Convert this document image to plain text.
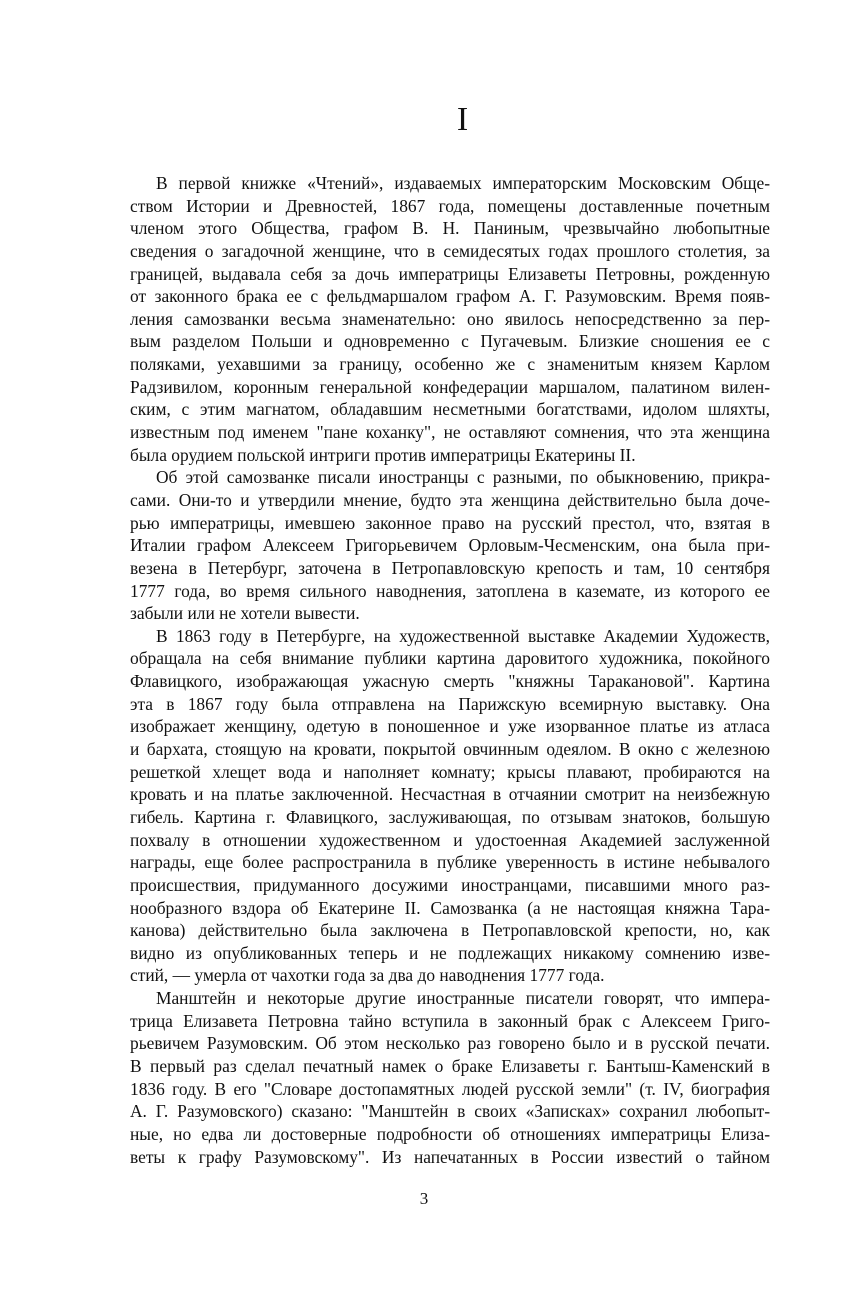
I
В первой книжке «Чтений», издаваемых императорским Московским Обще-
ством Истории и Древностей, 1867 года, помещены доставленные почетным
членом этого Общества, графом В. Н. Паниным, чрезвычайно любопытные
сведения о загадочной женщине, что в семидесятых годах прошлого столетия, за
границей, выдавала себя за дочь императрицы Елизаветы Петровны, рожденную
от законного брака ее с фельдмаршалом графом А. Г. Разумовским. Время появ-
ления самозванки весьма знаменательно: оно явилось непосредственно за пер-
вым разделом Польши и одновременно с Пугачевым. Близкие сношения ее с
поляками, уехавшими за границу, особенно же с знаменитым князем Карлом
Радзивилом, коронным генеральной конфедерации маршалом, палатином вилен-
ским, с этим магнатом, обладавшим несметными богатствами, идолом шляхты,
известным под именем "пане коханку", не оставляют сомнения, что эта женщина
была орудием польской интриги против императрицы Екатерины II.
Об этой самозванке писали иностранцы с разными, по обыкновению, прикра-
сами. Они-то и утвердили мнение, будто эта женщина действительно была доче-
рью императрицы, имевшею законное право на русский престол, что, взятая в
Италии графом Алексеем Григорьевичем Орловым-Чесменским, она была при-
везена в Петербург, заточена в Петропавловскую крепость и там, 10 сентября
1777 года, во время сильного наводнения, затоплена в каземате, из которого ее
забыли или не хотели вывести.
В 1863 году в Петербурге, на художественной выставке Академии Художеств,
обращала на себя внимание публики картина даровитого художника, покойного
Флавицкого, изображающая ужасную смерть "княжны Таракановой". Картина
эта в 1867 году была отправлена на Парижскую всемирную выставку. Она
изображает женщину, одетую в поношенное и уже изорванное платье из атласа
и бархата, стоящую на кровати, покрытой овчинным одеялом. В окно с железною
решеткой хлещет вода и наполняет комнату; крысы плавают, пробираются на
кровать и на платье заключенной. Несчастная в отчаянии смотрит на неизбежную
гибель. Картина г. Флавицкого, заслуживающая, по отзывам знатоков, большую
похвалу в отношении художественном и удостоенная Академией заслуженной
награды, еще более распространила в публике уверенность в истине небывалого
происшествия, придуманного досужими иностранцами, писавшими много раз-
нообразного вздора об Екатерине II. Самозванка (а не настоящая княжна Тара-
канова) действительно была заключена в Петропавловской крепости, но, как
видно из опубликованных теперь и не подлежащих никакому сомнению изве-
стий, — умерла от чахотки года за два до наводнения 1777 года.
Манштейн и некоторые другие иностранные писатели говорят, что импера-
трица Елизавета Петровна тайно вступила в законный брак с Алексеем Григо-
рьевичем Разумовским. Об этом несколько раз говорено было и в русской печати.
В первый раз сделал печатный намек о браке Елизаветы г. Бантыш-Каменский в
1836 году. В его "Словаре достопамятных людей русской земли" (т. IV, биография
А. Г. Разумовского) сказано: "Манштейн в своих «Записках» сохранил любопыт-
ные, но едва ли достоверные подробности об отношениях императрицы Елиза-
веты к графу Разумовскому". Из напечатанных в России известий о тайном
3
